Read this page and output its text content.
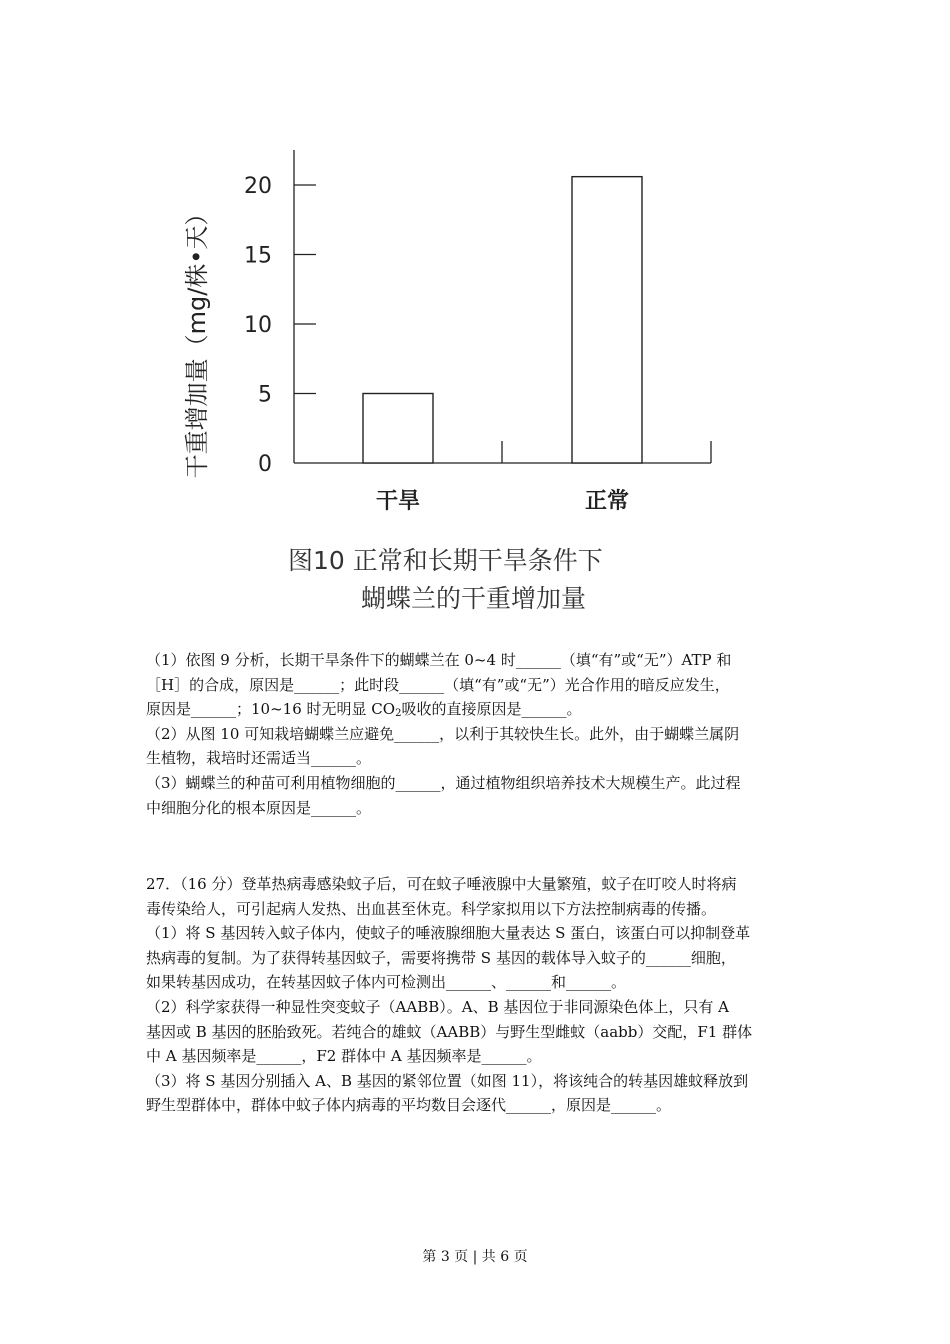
0
5
10
15
20
干旱	正常
干重增加量（mg/株•天）
图10 正常和长期干旱条件下
蝴蝶兰的干重增加量

（1）依图 9 分析，长期干旱条件下的蝴蝶兰在 0~4 时______（填“有”或“无”）ATP 和

［H］的合成，原因是______；此时段______（填“有”或“无”）光合作用的暗反应发生，

原因是______；10~16 时无明显 $CO_2$吸收的直接原因是______。

（2）从图 10 可知栽培蝴蝶兰应避免______，以利于其较快生长。此外，由于蝴蝶兰属阴

生植物，栽培时还需适当______。

（3）蝴蝶兰的种苗可利用植物细胞的______，通过植物组织培养技术大规模生产。此过程

中细胞分化的根本原因是______。

27．（16 分）登革热病毒感染蚊子后，可在蚊子唾液腺中大量繁殖，蚊子在叮咬人时将病

毒传染给人，可引起病人发热、出血甚至休克。科学家拟用以下方法控制病毒的传播。

（1）将 S 基因转入蚊子体内，使蚊子的唾液腺细胞大量表达 S 蛋白，该蛋白可以抑制登革

热病毒的复制。为了获得转基因蚊子，需要将携带 S 基因的载体导入蚊子的______细胞，

如果转基因成功，在转基因蚊子体内可检测出______、______和______。

（2）科学家获得一种显性突变蚊子（AABB）。A、B 基因位于非同源染色体上，只有 A

基因或 B 基因的胚胎致死。若纯合的雄蚊（AABB）与野生型雌蚊（aabb）交配，F1 群体

中 A 基因频率是______，F2 群体中 A 基因频率是______。

（3）将 S 基因分别插入 A、B 基因的紧邻位置（如图 11），将该纯合的转基因雄蚊释放到

野生型群体中，群体中蚊子体内病毒的平均数目会逐代______，原因是______。

第 3 页 | 共 6 页
